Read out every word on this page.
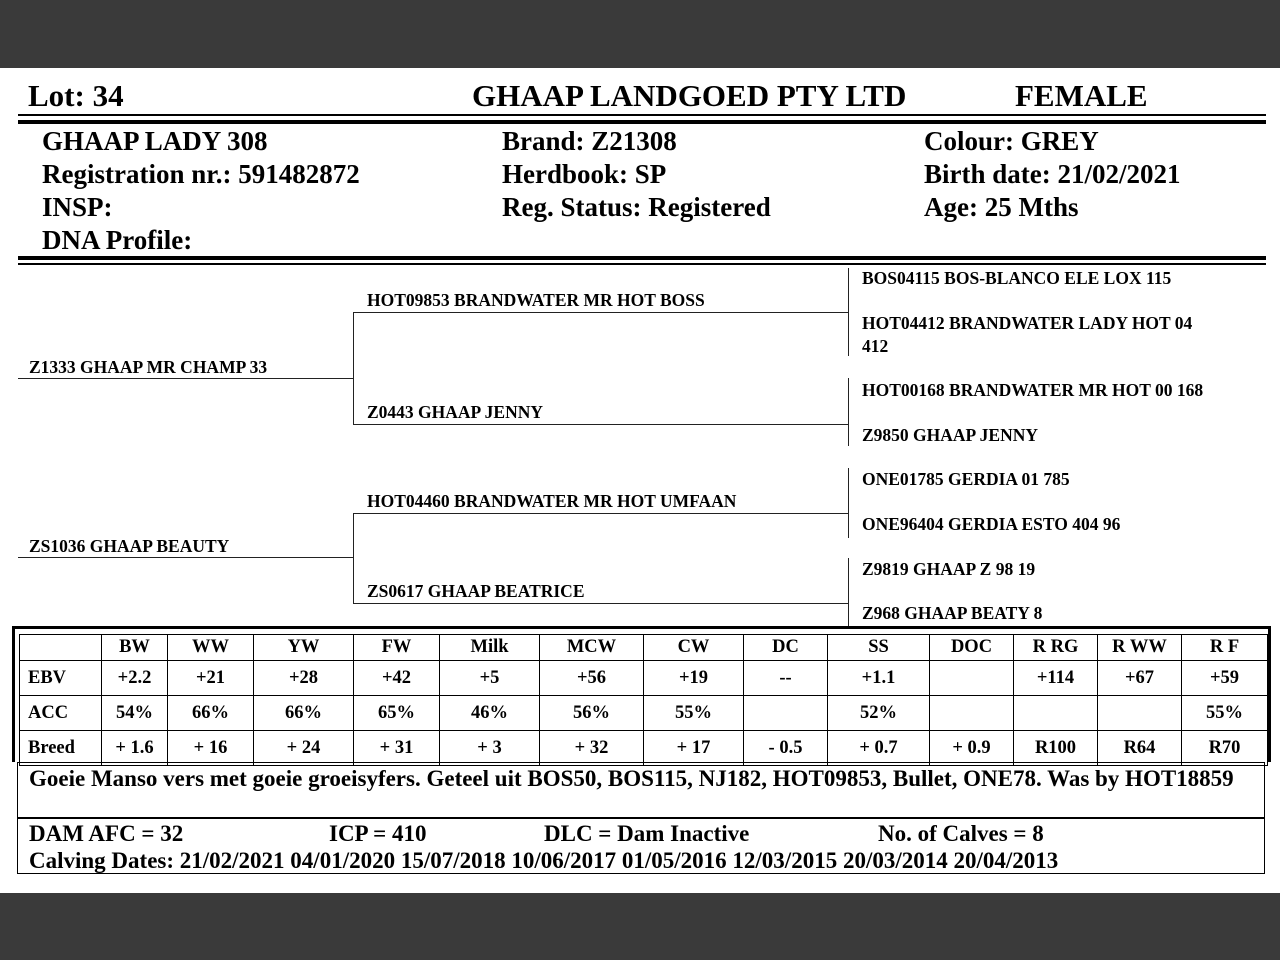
Lot: 34	GHAAP LANDGOED PTY LTD	FEMALE
GHAAP LADY 308
Registration nr.: 591482872
INSP:
DNA Profile:
Brand: Z21308
Herdbook: SP
Reg. Status: Registered
Colour: GREY
Birth date: 21/02/2021
Age: 25 Mths
Z1333 GHAAP MR CHAMP 33
ZS1036 GHAAP BEAUTY
HOT09853 BRANDWATER MR HOT BOSS
Z0443 GHAAP JENNY
HOT04460 BRANDWATER MR HOT UMFAAN
ZS0617 GHAAP BEATRICE
BOS04115 BOS-BLANCO ELE LOX 115
HOT04412 BRANDWATER LADY HOT 04
412
HOT00168 BRANDWATER MR HOT 00 168
Z9850 GHAAP JENNY
ONE01785 GERDIA 01 785
ONE96404 GERDIA ESTO 404 96
Z9819 GHAAP Z 98 19
Z968 GHAAP BEATY 8
	BW	WW	YW	FW	Milk	MCW	CW	DC	SS	DOC	R RG	R WW	R F
EBV	+2.2	+21	+28	+42	+5	+56	+19	--	+1.1		+114	+67	+59
ACC	54%	66%	66%	65%	46%	56%	55%		52%				55%
Breed	+ 1.6	+ 16	+ 24	+ 31	+ 3	+ 32	+ 17	- 0.5	+ 0.7	+ 0.9	R100	R64	R70
Goeie Manso vers met goeie groeisyfers. Geteel uit BOS50, BOS115, NJ182, HOT09853, Bullet, ONE78. Was by HOT18859
DAM AFC = 32	ICP = 410	DLC = Dam Inactive	No. of Calves = 8
Calving Dates: 21/02/2021 04/01/2020 15/07/2018 10/06/2017 01/05/2016 12/03/2015 20/03/2014 20/04/2013
